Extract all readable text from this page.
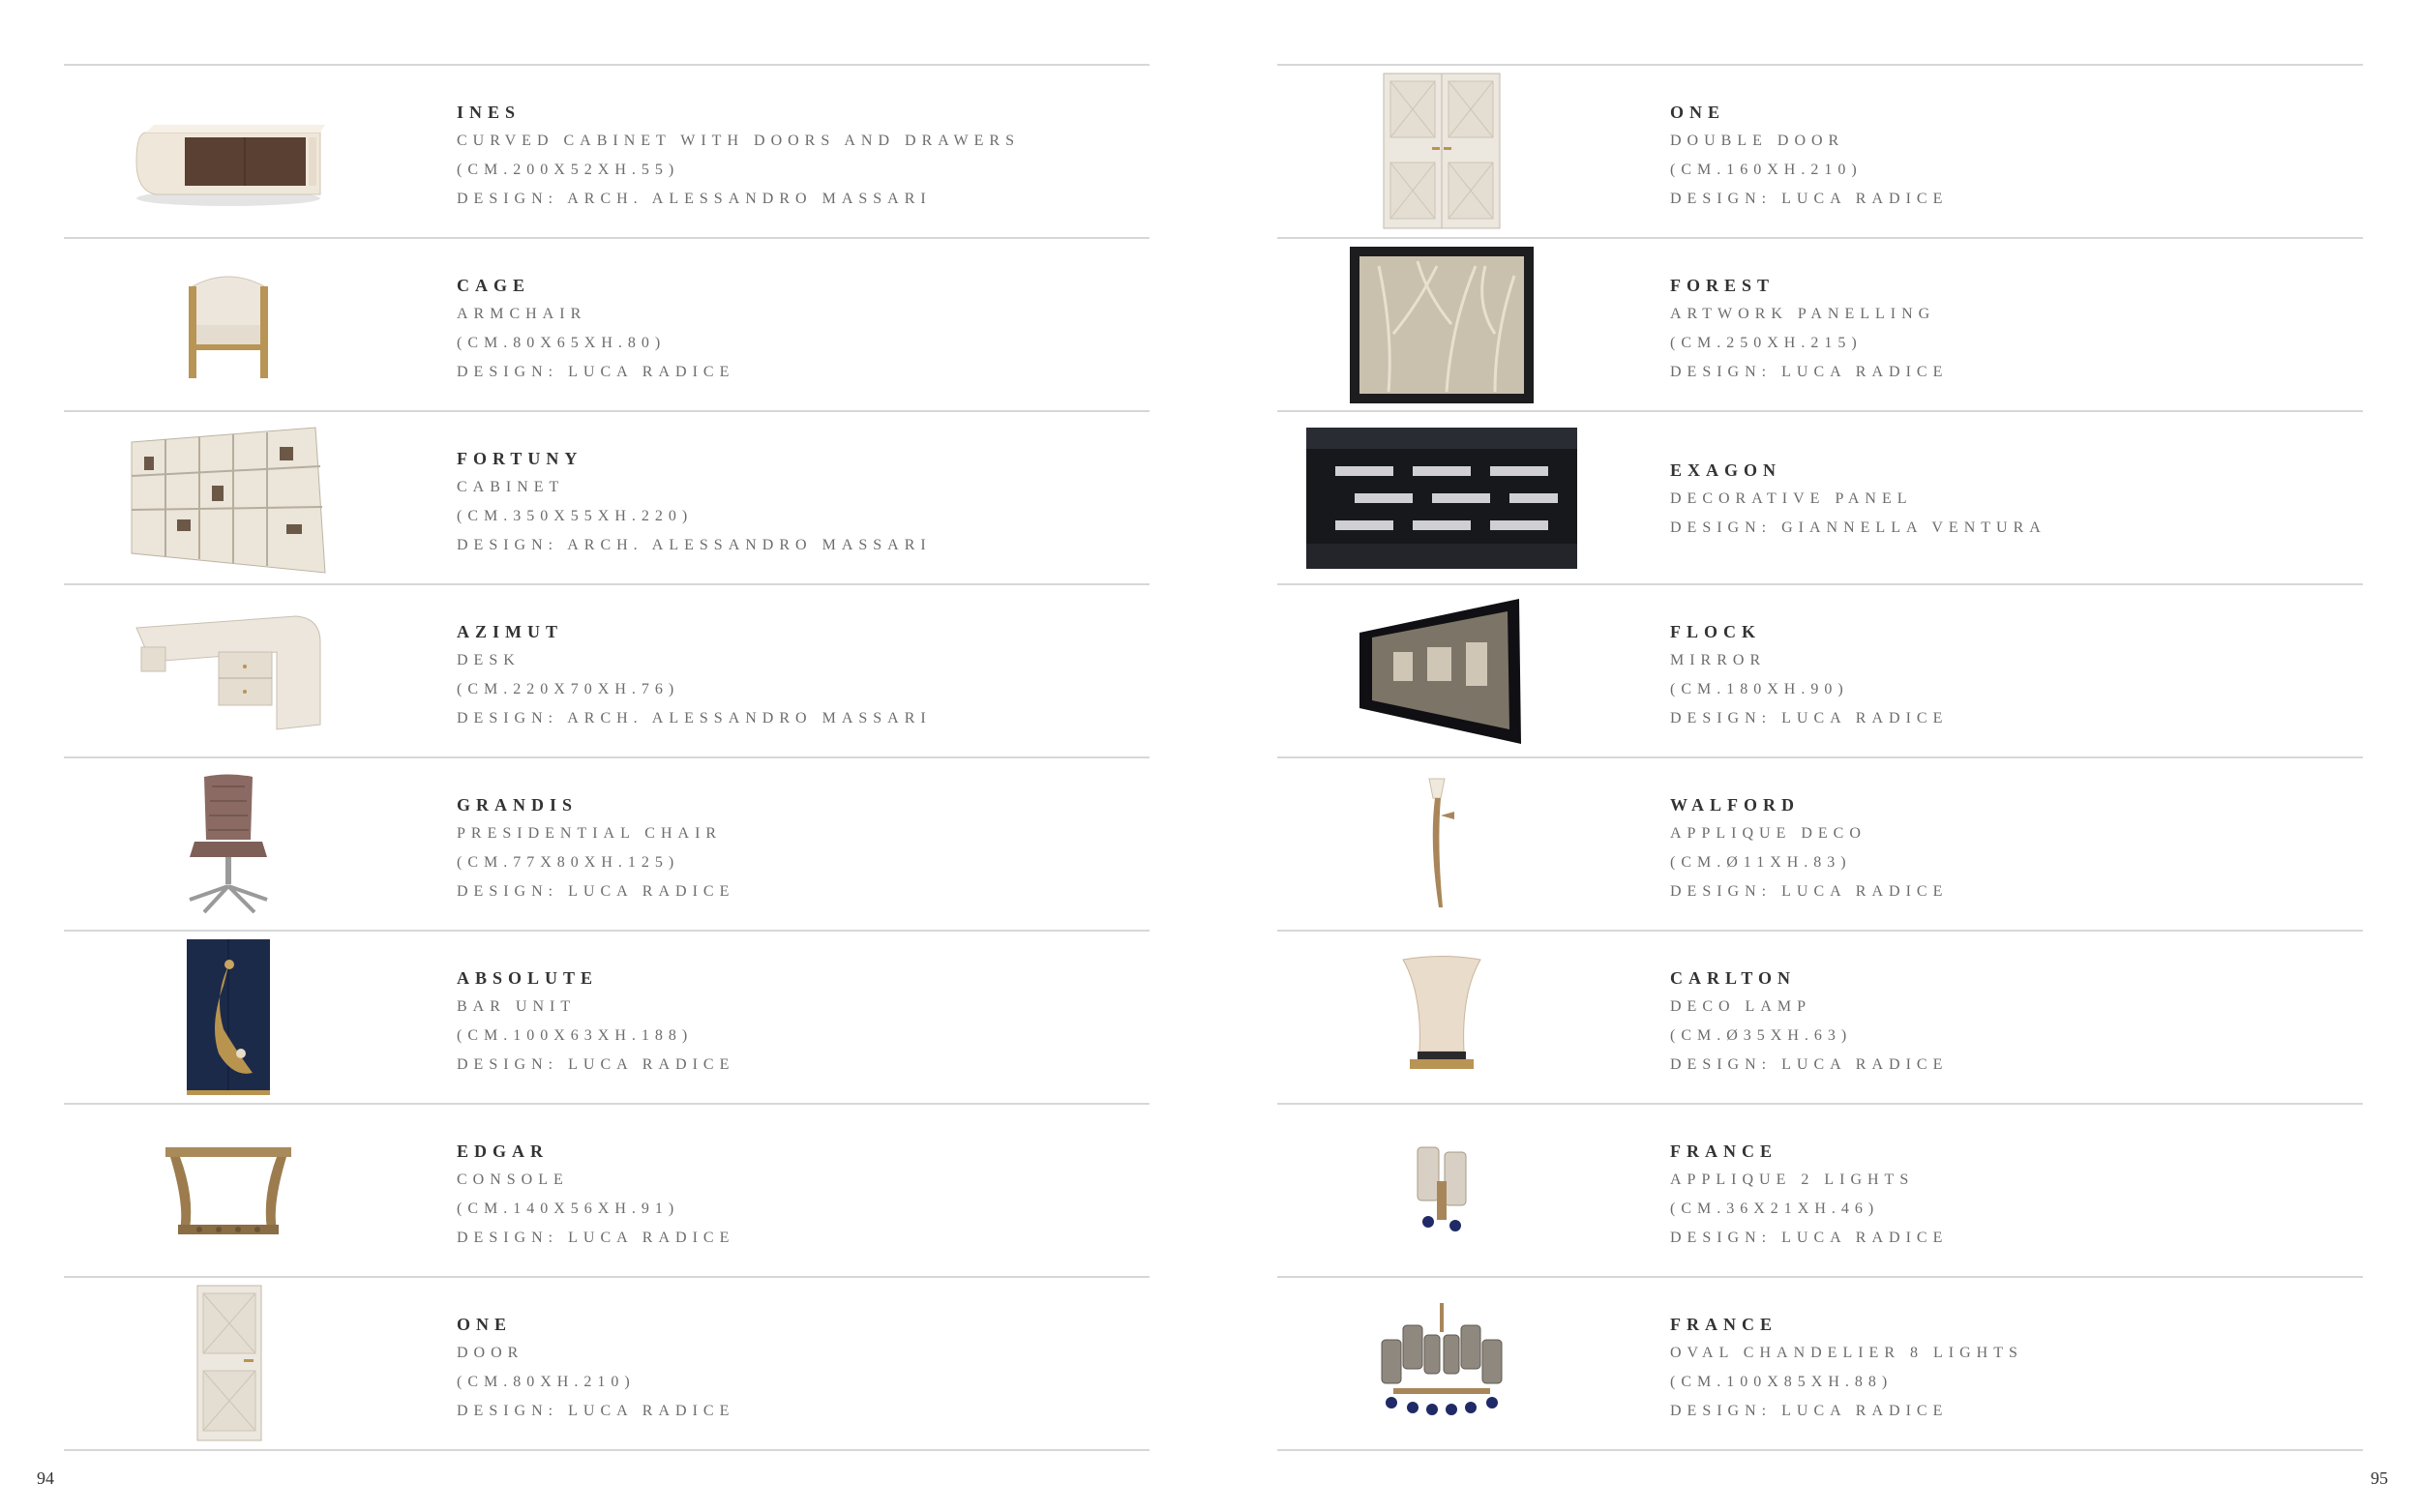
INES
CURVED CABINET WITH DOORS AND DRAWERS
(CM.200X52XH.55)
DESIGN: ARCH. ALESSANDRO MASSARI
CAGE
ARMCHAIR
(CM.80X65XH.80)
DESIGN: LUCA RADICE
FORTUNY
CABINET
(CM.350X55XH.220)
DESIGN: ARCH. ALESSANDRO MASSARI
AZIMUT
DESK
(CM.220X70XH.76)
DESIGN: ARCH. ALESSANDRO MASSARI
GRANDIS
PRESIDENTIAL CHAIR
(CM.77X80XH.125)
DESIGN: LUCA RADICE
ABSOLUTE
BAR UNIT
(CM.100X63XH.188)
DESIGN: LUCA RADICE
EDGAR
CONSOLE
(CM.140X56XH.91)
DESIGN: LUCA RADICE
ONE
DOOR
(CM.80XH.210)
DESIGN: LUCA RADICE
ONE
DOUBLE DOOR
(CM.160XH.210)
DESIGN: LUCA RADICE
FOREST
ARTWORK PANELLING
(CM.250XH.215)
DESIGN: LUCA RADICE
EXAGON
DECORATIVE PANEL
DESIGN: GIANNELLA VENTURA
FLOCK
MIRROR
(CM.180XH.90)
DESIGN: LUCA RADICE
WALFORD
APPLIQUE DECO
(CM.Ø11XH.83)
DESIGN: LUCA RADICE
CARLTON
DECO LAMP
(CM.Ø35XH.63)
DESIGN: LUCA RADICE
FRANCE
APPLIQUE 2 LIGHTS
(CM.36X21XH.46)
DESIGN: LUCA RADICE
FRANCE
OVAL CHANDELIER 8 LIGHTS
(CM.100X85XH.88)
DESIGN: LUCA RADICE
94	95
